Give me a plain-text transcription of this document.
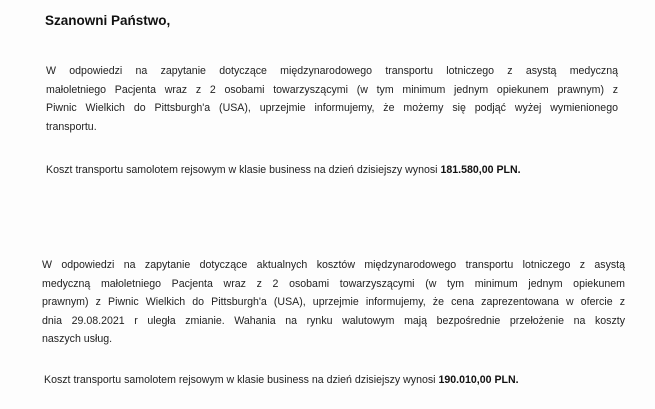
Szanowni Państwo,
W odpowiedzi na zapytanie dotyczące międzynarodowego transportu lotniczego z asystą medyczną
małoletniego Pacjenta wraz z 2 osobami towarzyszącymi (w tym minimum jednym opiekunem prawnym) z
Piwnic Wielkich do Pittsburgh'a (USA), uprzejmie informujemy, że możemy się podjąć wyżej wymienionego
transportu.
Koszt transportu samolotem rejsowym w klasie business na dzień dzisiejszy wynosi 181.580,00 PLN.
W odpowiedzi na zapytanie dotyczące aktualnych kosztów międzynarodowego transportu lotniczego z asystą
medyczną małoletniego Pacjenta wraz z 2 osobami towarzyszącymi (w tym minimum jednym opiekunem
prawnym) z Piwnic Wielkich do Pittsburgh'a (USA), uprzejmie informujemy, że cena zaprezentowana w ofercie z
dnia 29.08.2021 r uległa zmianie. Wahania na rynku walutowym mają bezpośrednie przełożenie na koszty
naszych usług.
Koszt transportu samolotem rejsowym w klasie business na dzień dzisiejszy wynosi 190.010,00 PLN.
